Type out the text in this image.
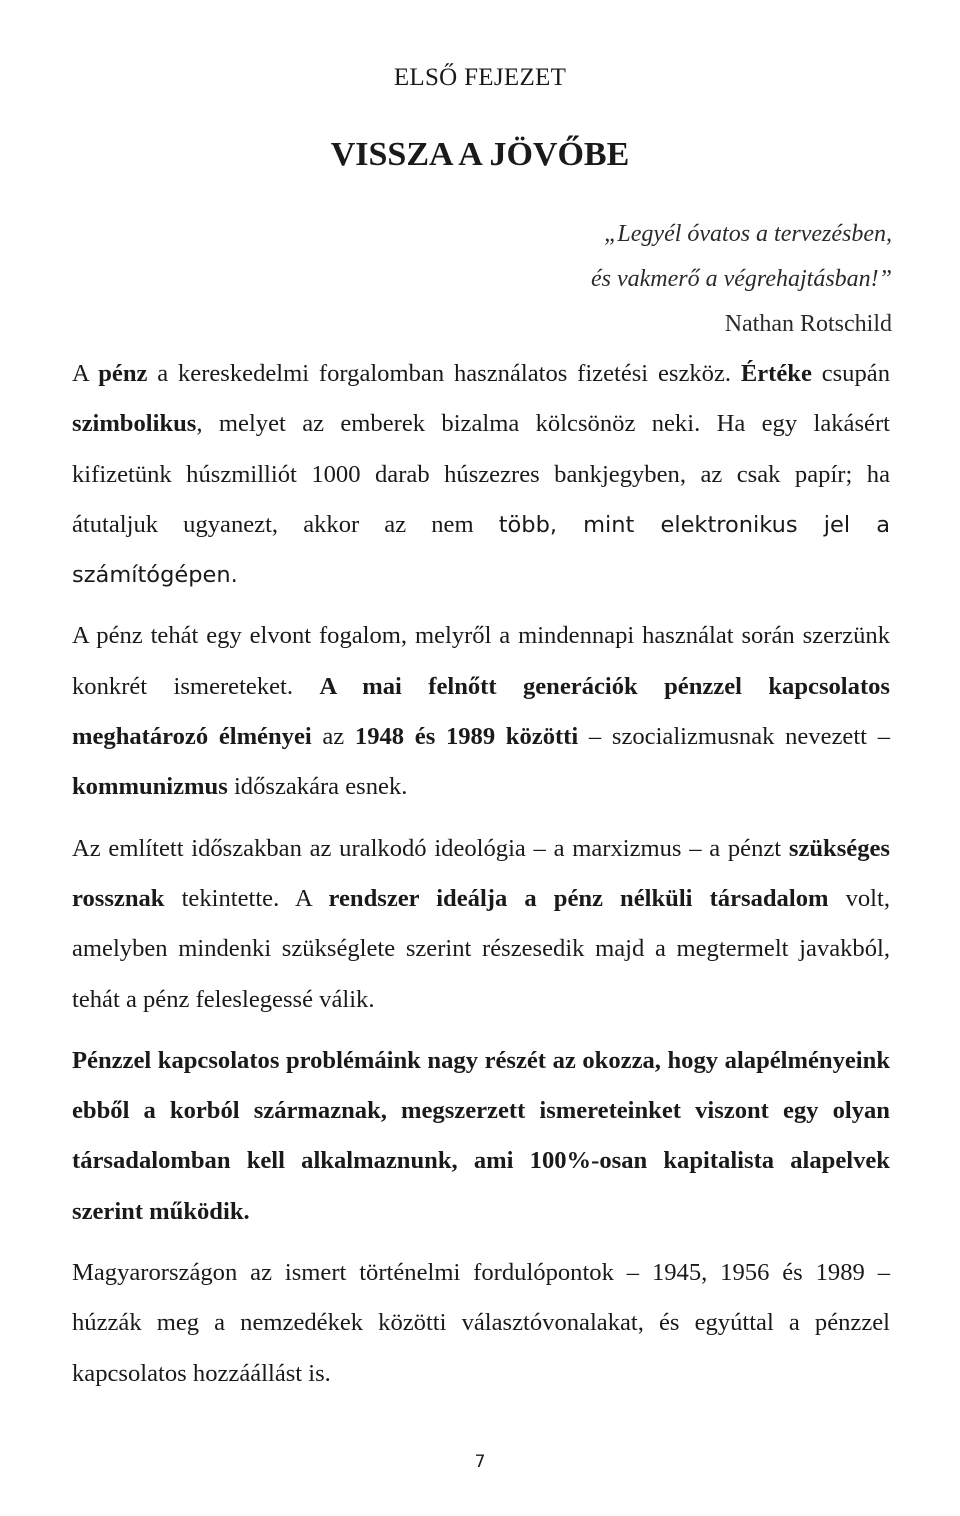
ELSŐ FEJEZET
VISSZA A JÖVŐBE
„Legyél óvatos a tervezésben,
és vakmerő a végrehajtásban!”
Nathan Rotschild

A pénz a kereskedelmi forgalomban használatos fizetési eszköz. Értéke csupán szimbolikus, melyet az emberek bizalma kölcsönöz neki. Ha egy lakásért kifizetünk húszmilliót 1000 darab húszezres bankjegyben, az csak papír; ha átutaljuk ugyanezt, akkor az nem több, mint elektronikus jel a számítógépen.

A pénz tehát egy elvont fogalom, melyről a mindennapi használat során szerzünk konkrét ismereteket. A mai felnőtt generációk pénzzel kapcsolatos meghatározó élményei az 1948 és 1989 közötti – szocializmusnak nevezett – kommunizmus időszakára esnek.

Az említett időszakban az uralkodó ideológia – a marxizmus – a pénzt szükséges rossznak tekintette. A rendszer ideálja a pénz nélküli társadalom volt, amelyben mindenki szükséglete szerint részesedik majd a megtermelt javakból, tehát a pénz feleslegessé válik.

Pénzzel kapcsolatos problémáink nagy részét az okozza, hogy alapélményeink ebből a korból származnak, megszerzett ismereteinket viszont egy olyan társadalomban kell alkalmaznunk, ami 100%-osan kapitalista alapelvek szerint működik.

Magyarországon az ismert történelmi fordulópontok – 1945, 1956 és 1989 – húzzák meg a nemzedékek közötti választóvonalakat, és egyúttal a pénzzel kapcsolatos hozzáállást is.

7
